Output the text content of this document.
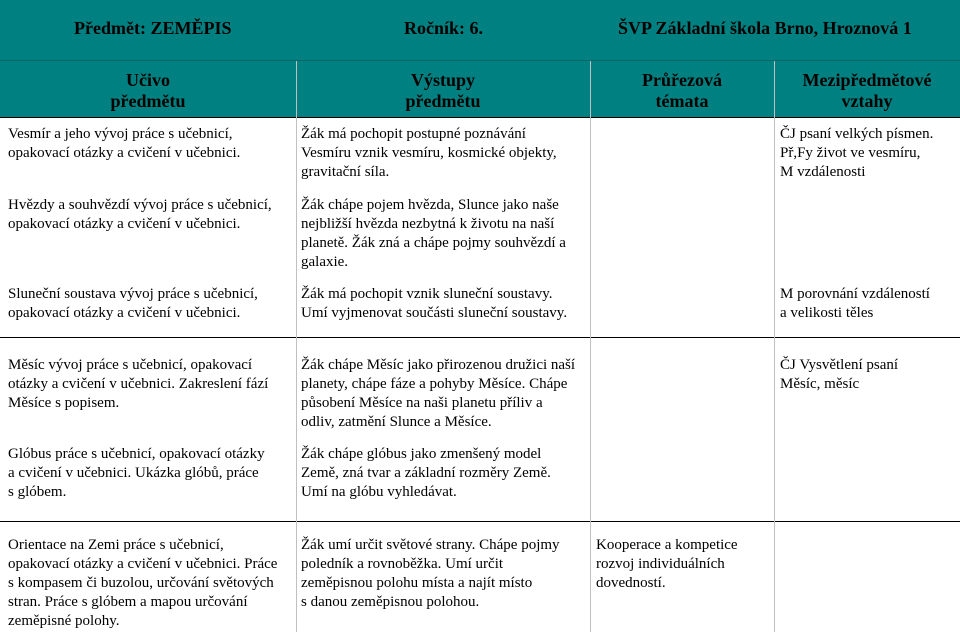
Předmět: ZEMĚPIS	Ročník: 6.	ŠVP Základní škola Brno, Hroznová 1
Učivo
předmětu
Výstupy
předmětu
Průřezová
témata
Mezipředmětové
vztahy
Vesmír a jeho vývoj práce s učebnicí,
opakovací otázky a cvičení v učebnici.
Žák má pochopit postupné poznávání
Vesmíru vznik vesmíru, kosmické objekty,
gravitační síla.
ČJ psaní velkých písmen.
Př,Fy život ve vesmíru,
M vzdálenosti
Hvězdy a souhvězdí vývoj práce s učebnicí,
opakovací otázky a cvičení v učebnici.
Žák chápe pojem hvězda, Slunce jako naše
nejbližší hvězda nezbytná k životu na naší
planetě. Žák zná a chápe pojmy souhvězdí a
galaxie.
Sluneční soustava vývoj práce s učebnicí,
opakovací otázky a cvičení v učebnici.
Žák má pochopit vznik sluneční soustavy.
Umí vyjmenovat součásti sluneční soustavy.
M porovnání vzdáleností
a velikosti těles
Měsíc vývoj práce s učebnicí, opakovací
otázky a cvičení v učebnici. Zakreslení fází
Měsíce s popisem.
Žák chápe Měsíc jako přirozenou družici naší
planety, chápe fáze a pohyby Měsíce. Chápe
působení Měsíce na naši planetu příliv a
odliv, zatmění Slunce a Měsíce.
ČJ Vysvětlení psaní
Měsíc, měsíc
Glóbus práce s učebnicí, opakovací otázky
a cvičení v učebnici. Ukázka glóbů, práce
s glóbem.
Žák chápe glóbus jako zmenšený model
Země, zná tvar a základní rozměry Země.
Umí na glóbu vyhledávat.
Orientace na Zemi práce s učebnicí,
opakovací otázky a cvičení v učebnici. Práce
s kompasem či buzolou, určování světových
stran. Práce s glóbem a mapou určování
zeměpisné polohy.
Žák umí určit světové strany. Chápe pojmy
poledník a rovnoběžka. Umí určit
zeměpisnou polohu místa a najít místo
s danou zeměpisnou polohou.
Kooperace a kompetice
rozvoj individuálních
dovedností.
